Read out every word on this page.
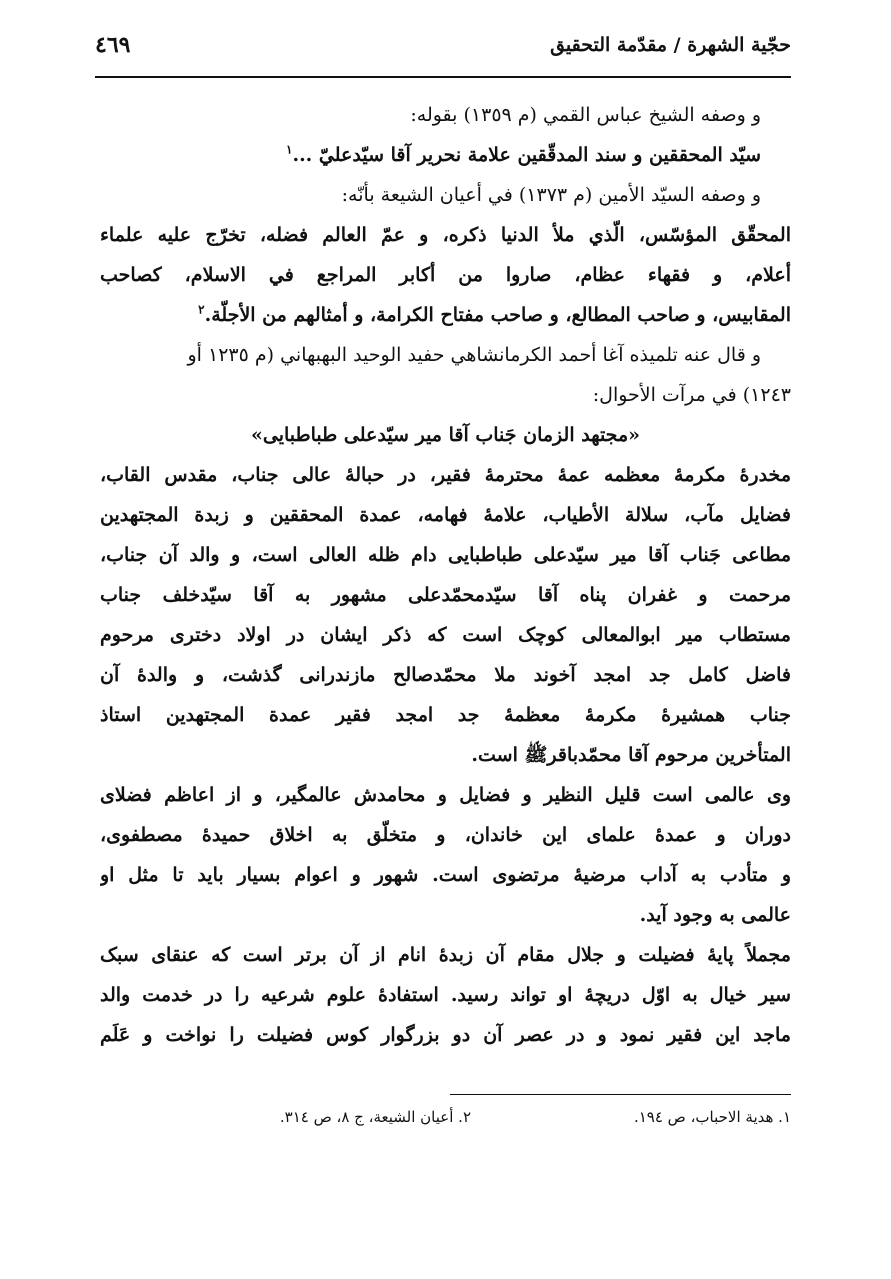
حجّية الشهرة / مقدّمة التحقيق
٤٦٩
و وصفه الشيخ عباس القمي (م ١٣٥٩) بقوله:
سيّد المحققين و سند المدقّقين علامة نحرير آقا سيّدعليّ ...$^١$
و وصفه السيّد الأمين (م ١٣٧٣) في أعيان الشيعة بأنّه:
المحقّق المؤسّس، الّذي ملأ الدنيا ذكره، و عمّ العالم فضله، تخرّج عليه علماء
أعلام، و فقهاء عظام، صاروا من أكابر المراجع في الاسلام، كصاحب
المقابيس، و صاحب المطالع، و صاحب مفتاح الكرامة، و أمثالهم من الأجلّة.$^٢$
و قال عنه تلميذه آغا أحمد الكرمانشاهي حفيد الوحيد البهبهاني (م ١٢٣٥ أو
١٢٤٣) في مرآت الأحوال:
«مجتهد الزمان جَناب آقا مير سيّدعلى طباطبايى»
مخدرهٔ مكرمهٔ معظمه عمهٔ محترمهٔ فقير، در حبالهٔ عالى جناب، مقدس القاب،
فضايل مآب، سلالة الأطياب، علامهٔ فهامه، عمدة المحققين و زبدة المجتهدين
مطاعى جَناب آقا مير سيّدعلى طباطبايى دام ظله العالى است، و والد آن جناب،
مرحمت و غفران پناه آقا سيّدمحمّدعلى مشهور به آقا سيّدخلف جناب
مستطاب مير ابوالمعالى كوچک است كه ذكر ايشان در اولاد دخترى مرحوم
فاضل كامل جد امجد آخوند ملا محمّدصالح مازندرانى گذشت، و والدهٔ آن
جناب همشيرهٔ مكرمهٔ معظمهٔ جد امجد فقير عمدة المجتهدين استاذ
المتأخرين مرحوم آقا محمّدباقرﷺ است.
وى عالمى است قليل النظير و فضايل و محامدش عالمگير، و از اعاظم فضلاى
دوران و عمدهٔ علماى اين خاندان، و متخلّق به اخلاق حميدهٔ مصطفوى،
و متأدب به آداب مرضيهٔ مرتضوى است. شهور و اعوام بسيار بايد تا مثل او
عالمى به وجود آيد.
مجملاً پايهٔ فضيلت و جلال مقام آن زبدهٔ انام از آن برتر است كه عنقاى سبک
سير خيال به اوّل دريچهٔ او تواند رسيد. استفادهٔ علوم شرعيه را در خدمت والد
ماجد اين فقير نمود و در عصر آن دو بزرگوار كوس فضيلت را نواخت و عَلَم
١. هدية الاحباب، ص ١٩٤.
٢. أعيان الشيعة، ج ٨، ص ٣١٤.
